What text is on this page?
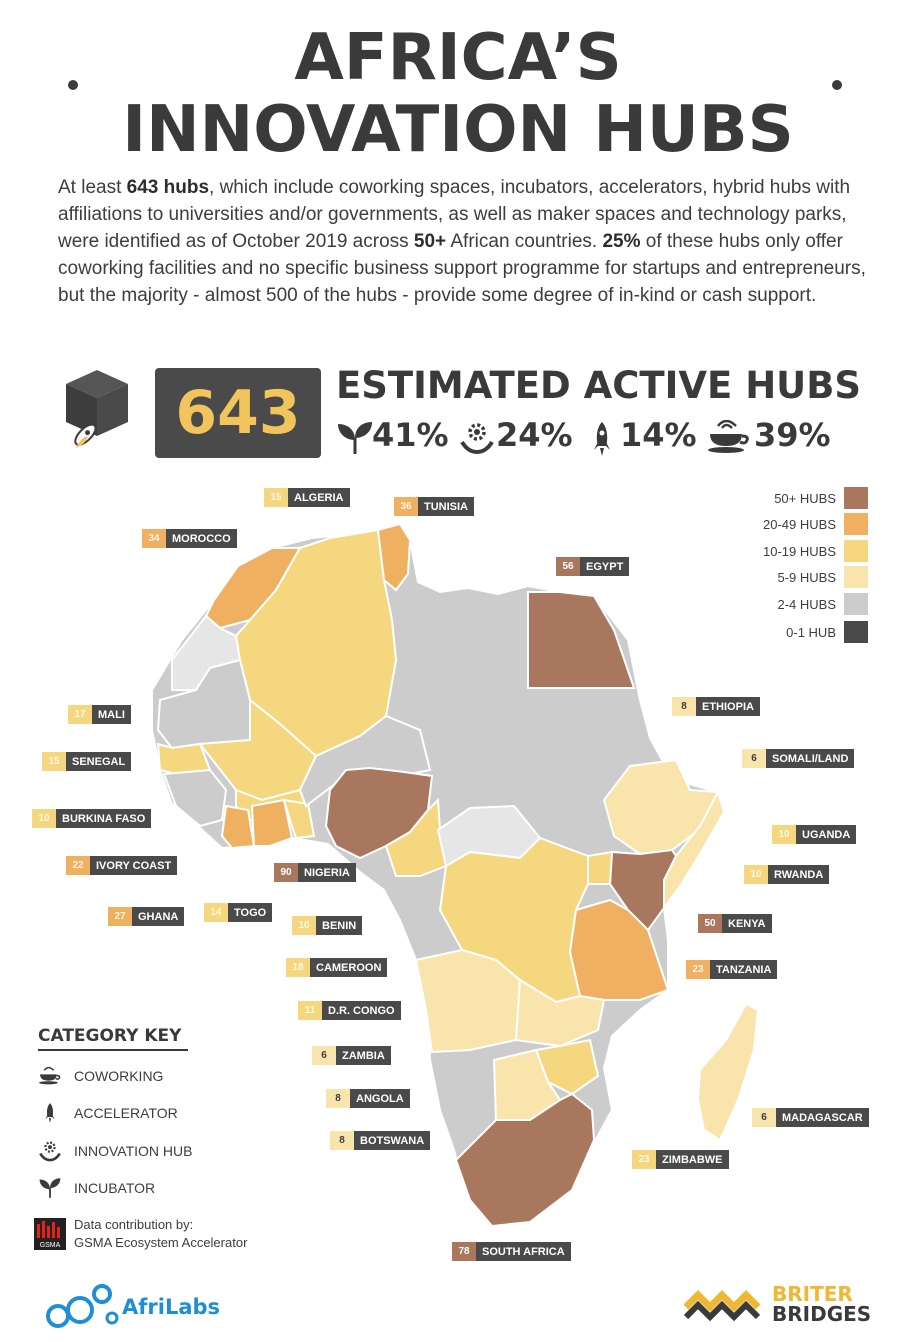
AFRICA’S
INNOVATION HUBS
At least 643 hubs, which include coworking spaces, incubators, accelerators, hybrid hubs with affiliations to universities and/or governments, as well as maker spaces and technology parks, were identified as of October 2019 across 50+ African countries. 25% of these hubs only offer coworking facilities and no specific business support programme for startups and entrepreneurs, but the majority - almost 500 of the hubs - provide some degree of in-kind or cash support.
643 ESTIMATED ACTIVE HUBS
41% 24% 14% 39%
15	ALGERIA
36	TUNISIA
34	MOROCCO
56	EGYPT
17	MALI
8	ETHIOPIA
15	SENEGAL	6	SOMALI/LAND
10	BURKINA FASO
10	UGANDA
22	IVORY COAST
90	NIGERIA	10	RWANDA
27	GHANA	14	TOGO
10	BENIN	50	KENYA
23	TANZANIA
18	CAMEROON
11	D.R. CONGO
6	ZAMBIA
8	ANGOLA
6	MADAGASCAR
8	BOTSWANA
23	ZIMBABWE
78	SOUTH AFRICA
50+ HUBS
20-49 HUBS
10-19 HUBS
5-9 HUBS
2-4 HUBS
0-1 HUB
CATEGORY KEY
COWORKING
ACCELERATOR
INNOVATION HUB
INCUBATOR
GSMA
Data contribution by:
GSMA Ecosystem Accelerator
AfriLabs
BRITER
BRIDGES
